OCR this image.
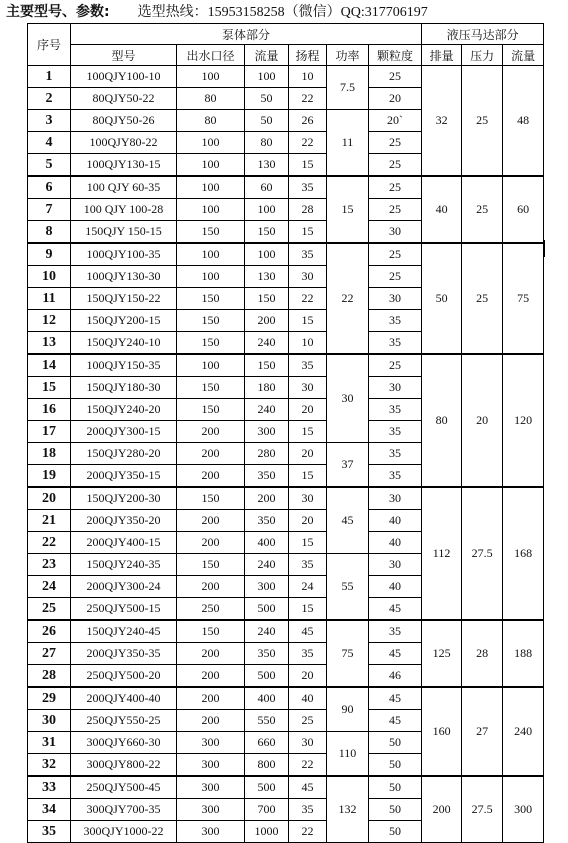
主要型号、参数: 选型热线：15953158258（微信）QQ:317706197
序号	泵体部分						液压马达部分		
	型号	出水口径	流量	扬程	功率	颗粒度	排量	压力	流量
1	100QJY100-10	100	100	10	7.5	25	32	25	48
2	80QJY50-22	80	50	22		20			
3	80QJY50-26	80	50	26	11	20`			
4	100QJY80-22	100	80	22		25			
5	100QJY130-15	100	130	15		25			
6	100 QJY 60-35	100	60	35	15	25	40	25	60
7	100 QJY 100-28	100	100	28		25			
8	150QJY 150-15	150	150	15		30			
9	100QJY100-35	100	100	35	22	25	50	25	75
10	100QJY130-30	100	130	30		25			
11	150QJY150-22	150	150	22		30			
12	150QJY200-15	150	200	15		35			
13	150QJY240-10	150	240	10		35			
14	100QJY150-35	100	150	35	30	25	80	20	120
15	150QJY180-30	150	180	30		30			
16	150QJY240-20	150	240	20		35			
17	200QJY300-15	200	300	15		35			
18	150QJY280-20	200	280	20	37	35			
19	200QJY350-15	200	350	15		35			
20	150QJY200-30	150	200	30	45	30	112	27.5	168
21	200QJY350-20	200	350	20		40			
22	200QJY400-15	200	400	15		40			
23	150QJY240-35	150	240	35	55	30			
24	200QJY300-24	200	300	24		40			
25	250QJY500-15	250	500	15		45			
26	150QJY240-45	150	240	45	75	35	125	28	188
27	200QJY350-35	200	350	35		45			
28	250QJY500-20	200	500	20		46			
29	200QJY400-40	200	400	40	90	45	160	27	240
30	250QJY550-25	200	550	25		45			
31	300QJY660-30	300	660	30	110	50			
32	300QJY800-22	300	800	22		50			
33	250QJY500-45	300	500	45	132	50	200	27.5	300
34	300QJY700-35	300	700	35		50			
35	300QJY1000-22	300	1000	22		50			
